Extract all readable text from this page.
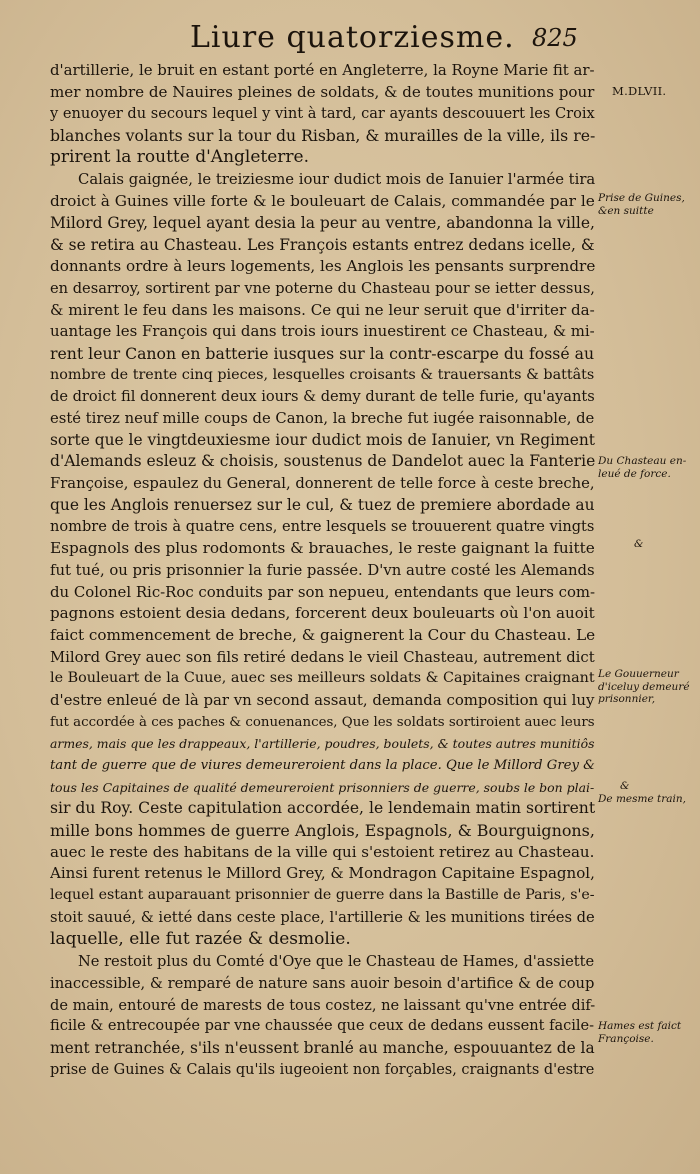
Liure quatorziesme. 825
d'artillerie, le bruit en estant porté en Angleterre, la Royne Marie fit ar-
mer nombre de Nauires pleines de soldats, & de toutes munitions pour
y enuoyer du secours lequel y vint à tard, car ayants descouuert les Croix
blanches volants sur la tour du Risban, & murailles de la ville, ils re-
prirent la routte d'Angleterre.
Calais gaignée, le treiziesme iour dudict mois de Ianuier l'armée tira
droict à Guines ville forte & le bouleuart de Calais, commandée par le
Milord Grey, lequel ayant desia la peur au ventre, abandonna la ville,
& se retira au Chasteau. Les François estants entrez dedans icelle, &
donnants ordre à leurs logements, les Anglois les pensants surprendre
en desarroy, sortirent par vne poterne du Chasteau pour se ietter dessus,
& mirent le feu dans les maisons. Ce qui ne leur seruit que d'irriter da-
uantage les François qui dans trois iours inuestirent ce Chasteau, & mi-
rent leur Canon en batterie iusques sur la contr-escarpe du fossé au
nombre de trente cinq pieces, lesquelles croisants & trauersants & battâts
de droict fil donnerent deux iours & demy durant de telle furie, qu'ayants
esté tirez neuf mille coups de Canon, la breche fut iugée raisonnable, de
sorte que le vingtdeuxiesme iour dudict mois de Ianuier, vn Regiment
d'Alemands esleuz & choisis, soustenus de Dandelot auec la Fanterie
Françoise, espaulez du General, donnerent de telle force à ceste breche,
que les Anglois renuersez sur le cul, & tuez de premiere abordade au
nombre de trois à quatre cens, entre lesquels se trouuerent quatre vingts
Espagnols des plus rodomonts & brauaches, le reste gaignant la fuitte
fut tué, ou pris prisonnier la furie passée. D'vn autre costé les Alemands
du Colonel Ric-Roc conduits par son nepueu, entendants que leurs com-
pagnons estoient desia dedans, forcerent deux bouleuarts où l'on auoit
faict commencement de breche, & gaignerent la Cour du Chasteau. Le
Milord Grey auec son fils retiré dedans le vieil Chasteau, autrement dict
le Bouleuart de la Cuue, auec ses meilleurs soldats & Capitaines craignant
d'estre enleué de là par vn second assaut, demanda composition qui luy
fut accordée à ces paches & conuenances, Que les soldats sortiroient auec leurs
armes, mais que les drappeaux, l'artillerie, poudres, boulets, & toutes autres munitiôs
tant de guerre que de viures demeureroient dans la place. Que le Millord Grey &
tous les Capitaines de qualité demeureroient prisonniers de guerre, soubs le bon plai-
sir du Roy. Ceste capitulation accordée, le lendemain matin sortirent
mille bons hommes de guerre Anglois, Espagnols, & Bourguignons,
auec le reste des habitans de la ville qui s'estoient retirez au Chasteau.
Ainsi furent retenus le Millord Grey, & Mondragon Capitaine Espagnol,
lequel estant auparauant prisonnier de guerre dans la Bastille de Paris, s'e-
stoit sauué, & ietté dans ceste place, l'artillerie & les munitions tirées de
laquelle, elle fut razée & desmolie.
Ne restoit plus du Comté d'Oye que le Chasteau de Hames, d'assiette
inaccessible, & remparé de nature sans auoir besoin d'artifice & de coup
de main, entouré de marests de tous costez, ne laissant qu'vne entrée dif-
ficile & entrecoupée par vne chaussée que ceux de dedans eussent facile-
ment retranchée, s'ils n'eussent branlé au manche, espouuantez de la
prise de Guines & Calais qu'ils iugeoient non forçables, craignants d'estre
M.DLVII.
Prise de Guines,
&en suitte
Du Chasteau en-
leué de force.
&
Le Gouuerneur
d'iceluy demeuré
prisonnier,
&
De mesme train,
Hames est faict
Françoise.
